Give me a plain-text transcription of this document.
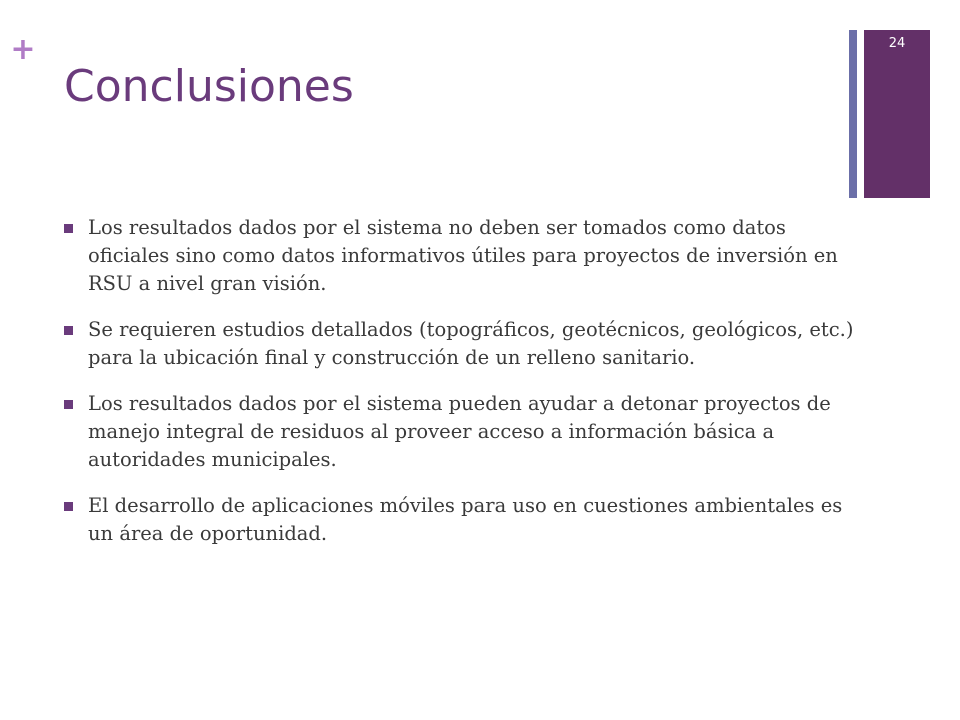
+
Conclusiones
24
Los resultados dados por el sistema no deben ser tomados como datos oficiales sino como datos informativos útiles para proyectos de inversión en RSU a nivel gran visión.
Se requieren estudios detallados (topográficos, geotécnicos, geológicos, etc.) para la ubicación final y construcción de un relleno sanitario.
Los resultados dados por el sistema pueden ayudar a detonar proyectos de manejo integral de residuos al proveer acceso a información básica a autoridades municipales.
El desarrollo de aplicaciones móviles para uso en cuestiones ambientales es un área de oportunidad.
